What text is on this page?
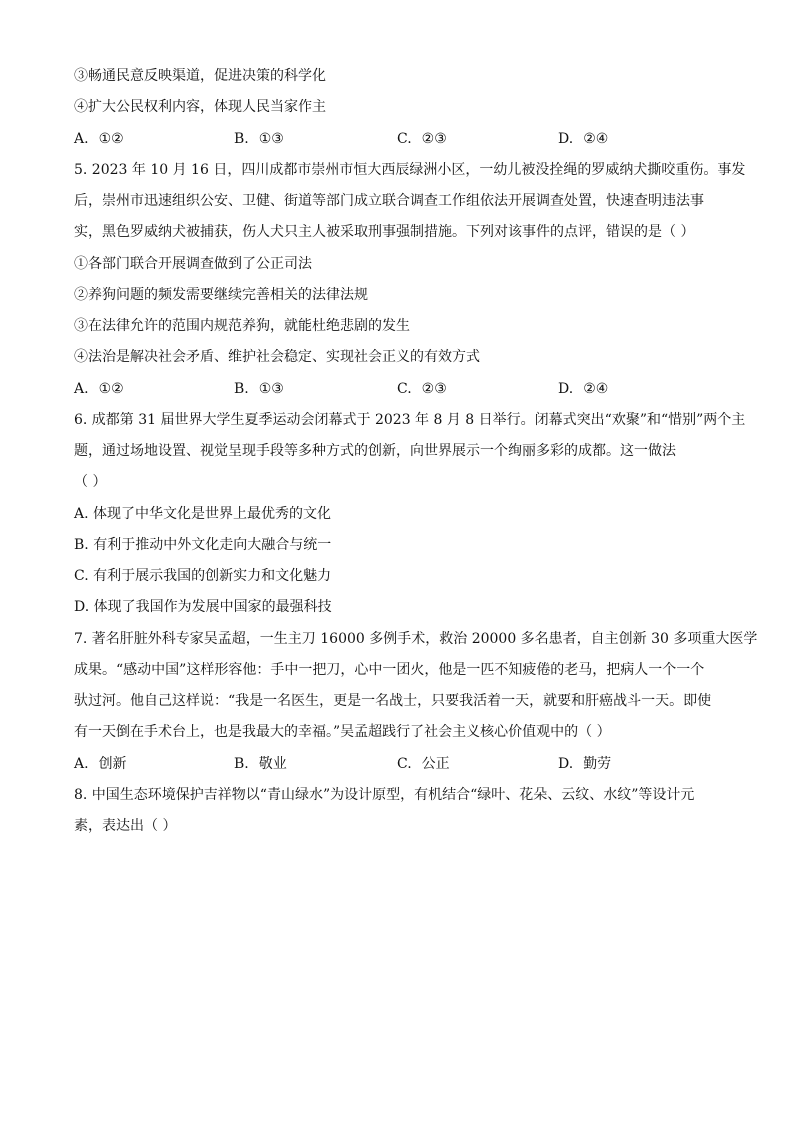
③畅通民意反映渠道，促进决策的科学化
④扩大公民权利内容，体现人民当家作主
A. ①②	B. ①③	C. ②③	D. ②④
5. 2023 年 10 月 16 日，四川成都市崇州市恒大西辰绿洲小区，一幼儿被没拴绳的罗威纳犬撕咬重伤。事发
后，崇州市迅速组织公安、卫健、街道等部门成立联合调查工作组依法开展调查处置，快速查明违法事
实，黑色罗威纳犬被捕获，伤人犬只主人被采取刑事强制措施。下列对该事件的点评，错误的是（ ）
①各部门联合开展调查做到了公正司法
②养狗问题的频发需要继续完善相关的法律法规
③在法律允许的范围内规范养狗，就能杜绝悲剧的发生
④法治是解决社会矛盾、维护社会稳定、实现社会正义的有效方式
A. ①②	B. ①③	C. ②③	D. ②④
6. 成都第 31 届世界大学生夏季运动会闭幕式于 2023 年 8 月 8 日举行。闭幕式突出“欢聚”和“惜别”两个主
题，通过场地设置、视觉呈现手段等多种方式的创新，向世界展示一个绚丽多彩的成都。这一做法
（ ）
A. 体现了中华文化是世界上最优秀的文化
B. 有利于推动中外文化走向大融合与统一
C. 有利于展示我国的创新实力和文化魅力
D. 体现了我国作为发展中国家的最强科技
7. 著名肝脏外科专家吴孟超，一生主刀 16000 多例手术，救治 20000 多名患者，自主创新 30 多项重大医学
成果。“感动中国”这样形容他：手中一把刀，心中一团火，他是一匹不知疲倦的老马，把病人一个一个
驮过河。他自己这样说：“我是一名医生，更是一名战士，只要我活着一天，就要和肝癌战斗一天。即使
有一天倒在手术台上，也是我最大的幸福。”吴孟超践行了社会主义核心价值观中的（ ）
A. 创新	B. 敬业	C. 公正	D. 勤劳
8. 中国生态环境保护吉祥物以“青山绿水”为设计原型，有机结合“绿叶、花朵、云纹、水纹”等设计元
素，表达出（ ）
